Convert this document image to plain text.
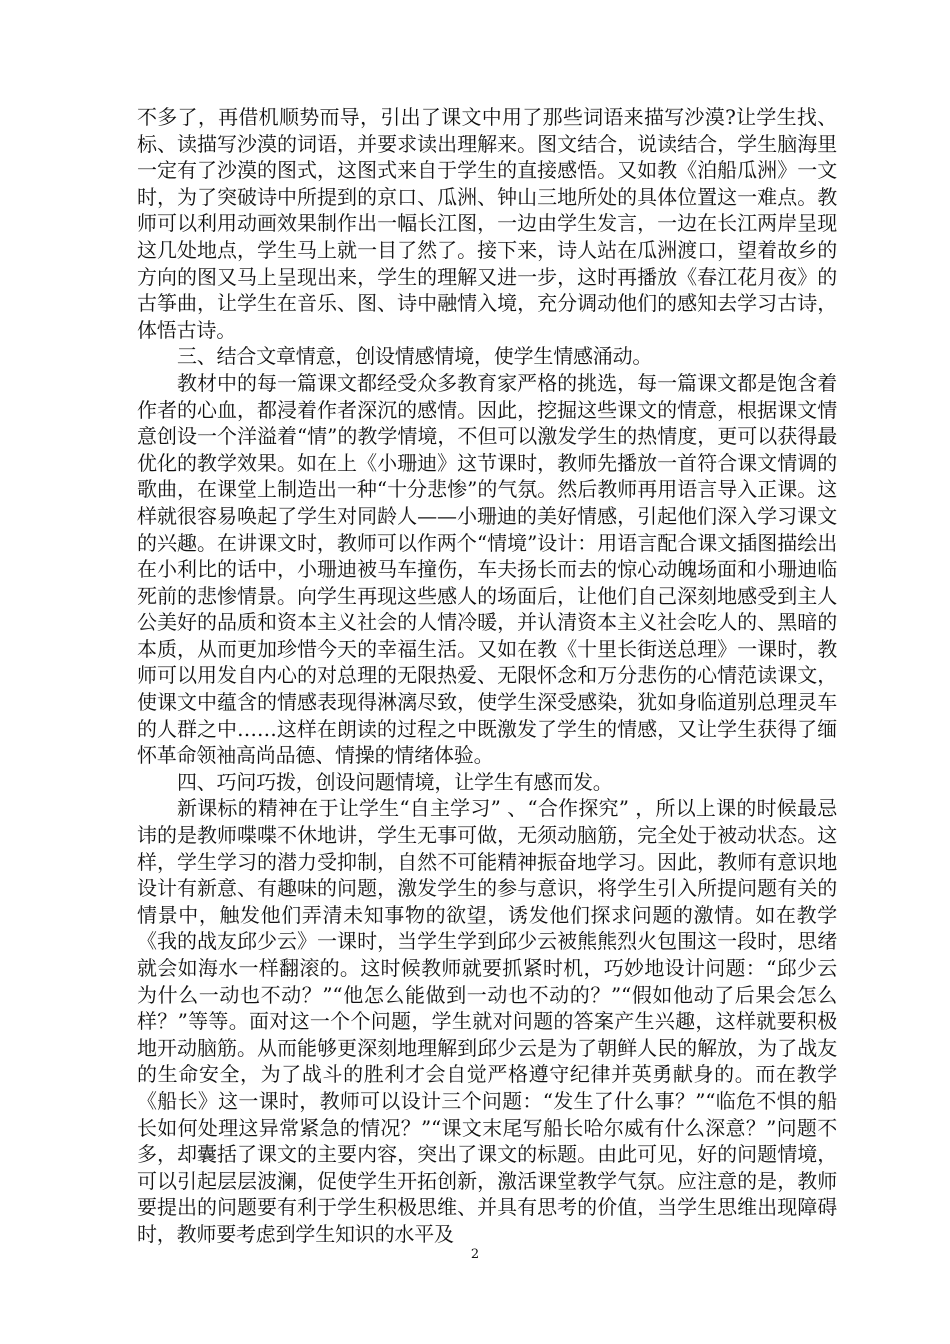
不多了，再借机顺势而导，引出了课文中用了那些词语来描写沙漠?让学生找、标、读描写沙漠的词语，并要求读出理解来。图文结合，说读结合，学生脑海里一定有了沙漠的图式，这图式来自于学生的直接感悟。又如教《泊船瓜洲》一文时，为了突破诗中所提到的京口、瓜洲、钟山三地所处的具体位置这一难点。教师可以利用动画效果制作出一幅长江图，一边由学生发言，一边在长江两岸呈现这几处地点，学生马上就一目了然了。接下来，诗人站在瓜洲渡口，望着故乡的方向的图又马上呈现出来，学生的理解又进一步，这时再播放《春江花月夜》的古筝曲，让学生在音乐、图、诗中融情入境，充分调动他们的感知去学习古诗，体悟古诗。

三、结合文章情意，创设情感情境，使学生情感涌动。

教材中的每一篇课文都经受众多教育家严格的挑选，每一篇课文都是饱含着作者的心血，都浸着作者深沉的感情。因此，挖掘这些课文的情意，根据课文情意创设一个洋溢着“情”的教学情境，不但可以激发学生的热情度，更可以获得最优化的教学效果。如在上《小珊迪》这节课时，教师先播放一首符合课文情调的歌曲，在课堂上制造出一种“十分悲惨”的气氛。然后教师再用语言导入正课。这样就很容易唤起了学生对同龄人——小珊迪的美好情感，引起他们深入学习课文的兴趣。在讲课文时，教师可以作两个“情境”设计：用语言配合课文插图描绘出在小利比的话中，小珊迪被马车撞伤，车夫扬长而去的惊心动魄场面和小珊迪临死前的悲惨情景。向学生再现这些感人的场面后，让他们自己深刻地感受到主人公美好的品质和资本主义社会的人情冷暖，并认清资本主义社会吃人的、黑暗的本质，从而更加珍惜今天的幸福生活。又如在教《十里长街送总理》一课时，教师可以用发自内心的对总理的无限热爱、无限怀念和万分悲伤的心情范读课文，使课文中蕴含的情感表现得淋漓尽致，使学生深受感染，犹如身临道别总理灵车的人群之中……这样在朗读的过程之中既激发了学生的情感，又让学生获得了缅怀革命领袖高尚品德、情操的情绪体验。

四、巧问巧拨，创设问题情境，让学生有感而发。

新课标的精神在于让学生“自主学习” 、“合作探究” ，所以上课的时候最忌讳的是教师喋喋不休地讲，学生无事可做，无须动脑筋，完全处于被动状态。这样，学生学习的潜力受抑制，自然不可能精神振奋地学习。因此，教师有意识地设计有新意、有趣味的问题，激发学生的参与意识，将学生引入所提问题有关的情景中，触发他们弄清未知事物的欲望，诱发他们探求问题的激情。如在教学《我的战友邱少云》一课时，当学生学到邱少云被熊熊烈火包围这一段时，思绪就会如海水一样翻滚的。这时候教师就要抓紧时机，巧妙地设计问题：“邱少云为什么一动也不动？”“他怎么能做到一动也不动的？”“假如他动了后果会怎么样？”等等。面对这一个个问题，学生就对问题的答案产生兴趣，这样就要积极地开动脑筋。从而能够更深刻地理解到邱少云是为了朝鲜人民的解放，为了战友的生命安全，为了战斗的胜利才会自觉严格遵守纪律并英勇献身的。而在教学《船长》这一课时，教师可以设计三个问题：“发生了什么事？”“临危不惧的船长如何处理这异常紧急的情况？”“课文末尾写船长哈尔威有什么深意？”问题不多，却囊括了课文的主要内容，突出了课文的标题。由此可见，好的问题情境，可以引起层层波澜，促使学生开拓创新，激活课堂教学气氛。应注意的是，教师要提出的问题要有利于学生积极思维、并具有思考的价值，当学生思维出现障碍时，教师要考虑到学生知识的水平及

2
